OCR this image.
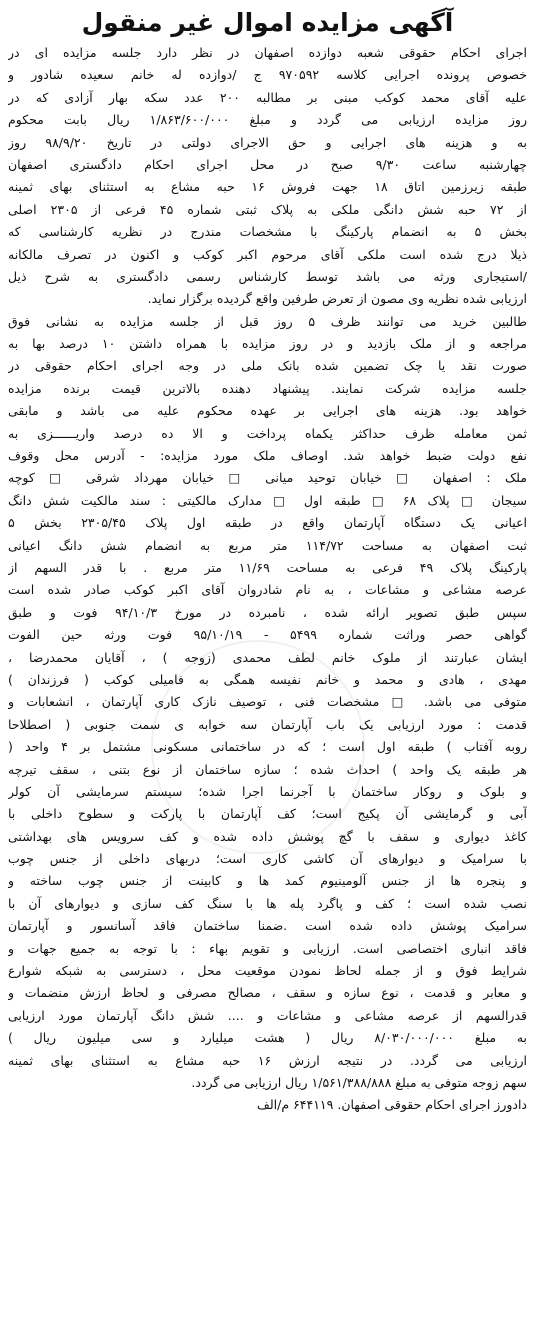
آگهی مزایده اموال غیر منقول
اجرای احکام حقوقی شعبه دوازده اصفهان در نظر دارد جلسه مزایده ای در
خصوص پرونده اجرایی کلاسه ۹۷۰۵۹۲ ج /دوازده له خانم سعیده شادور و
علیه آقای محمد کوکب مبنی بر مطالبه ۲۰۰ عدد سکه بهار آزادی که در
روز مزایده ارزیابی می گردد و مبلغ ۱/۸۶۳/۶۰۰/۰۰۰ ریال بابت محکوم
به و هزینه های اجرایی و حق الاجرای دولتی در تاریخ ۹۸/۹/۲۰ روز
چهارشنبه ساعت ۹/۳۰ صبح در محل اجرای احکام دادگستری اصفهان
طبقه زیرزمین اتاق ۱۸ جهت فروش ۱۶ حبه مشاع به استثنای بهای ثمینه
از ۷۲ حبه شش دانگی ملکی به پلاک ثبتی شماره ۴۵ فرعی از ۲۳۰۵ اصلی
بخش ۵ به انضمام پارکینگ با مشخصات مندرج در نظریه کارشناسی که
ذیلا درج شده است ملکی آقای مرحوم اکبر کوکب و اکنون در تصرف مالکانه
/استیجاری ورثه می باشد توسط کارشناس رسمی دادگستری به شرح ذیل
ارزیابی شده نظریه وی مصون از تعرض طرفین واقع گردیده برگزار نماید.
طالبین خرید می توانند ظرف ۵ روز قبل از جلسه مزایده به نشانی فوق
مراجعه و از ملک بازدید و در روز مزایده با همراه داشتن ۱۰ درصد بها به
صورت نقد یا چک تضمین شده بانک ملی در وجه اجرای احکام حقوقی در
جلسه مزایده شرکت نمایند. پیشنهاد دهنده بالاترین قیمت برنده مزایده
خواهد بود. هزینه های اجرایی بر عهده محکوم علیه می باشد و مابقی
ثمن معامله ظرف حداکثر یکماه پرداخت و الا ده درصد واریــــــزی به
نفع دولت ضبط خواهد شد. اوصاف ملک مورد مزایده: - آدرس محل وقوف
ملک : اصفهان □ خیابان توحید میانی □ خیابان مهرداد شرقی □ کوچه
سیجان □ پلاک ۶۸ □ طبقه اول □ مدارک مالکیتی : سند مالکیت شش دانگ
اعیانی یک دستگاه آپارتمان واقع در طبقه اول پلاک ۲۳۰۵/۴۵ بخش ۵
ثبت اصفهان به مساحت ۱۱۴/۷۲ متر مربع به انضمام شش دانگ اعیانی
پارکینگ پلاک ۴۹ فرعی به مساحت ۱۱/۶۹ متر مربع . با قدر السهم از
عرصه مشاعی و مشاعات ، به نام شادروان آقای اکبر کوکب صادر شده است
سپس طبق تصویر ارائه شده ، نامبرده در مورخ ۹۴/۱۰/۳ فوت و طبق
گواهی حصر وراثت شماره ۵۴۹۹ - ۹۵/۱۰/۱۹ فوت ورثه حین الفوت
ایشان عبارتند از ملوک خانم لطف محمدی (زوجه ) ، آقایان محمدرضا ،
مهدی ، هادی و محمد و خانم نفیسه همگی به فامیلی کوکب ( فرزندان )
متوفی می باشد. □ مشخصات فنی ، توصیف نازک کاری آپارتمان ، انشعابات و
قدمت : مورد ارزیابی یک باب آپارتمان سه خوابه ی سمت جنوبی ( اصطلاحا
روبه آفتاب ) طبقه اول است ؛ که در ساختمانی مسکونی مشتمل بر ۴ واحد (
هر طبقه یک واحد ) احداث شده ؛ سازه ساختمان از نوع بتنی ، سقف تیرچه
و بلوک و روکار ساختمان با آجرنما اجرا شده؛ سیستم سرمایشی آن کولر
آبی و گرمایشی آن پکیج است؛ کف آپارتمان با پارکت و سطوح داخلی با
کاغذ دیواری و سقف با گچ پوشش داده شده و کف سرویس های بهداشتی
با سرامیک و دیوارهای آن کاشی کاری است؛ دربهای داخلی از جنس چوب
و پنجره ها از جنس آلومینیوم کمد ها و کابینت از جنس چوب ساخته و
نصب شده است ؛ کف و پاگرد پله ها با سنگ کف سازی و دیوارهای آن با
سرامیک پوشش داده شده است .ضمنا ساختمان فاقد آسانسور و آپارتمان
فاقد انباری اختصاصی است. ارزیابی و تقویم بهاء : با توجه به جمیع جهات و
شرایط فوق و از جمله لحاظ نمودن موقعیت محل ، دسترسی به شبکه شوارع
و معابر و قدمت ، نوع سازه و سقف ، مصالح مصرفی و لحاظ ارزش منضمات و
قدرالسهم از عرصه مشاعی و مشاعات و .... شش دانگ آپارتمان مورد ارزیابی
به مبلغ ۸/۰۳۰/۰۰۰/۰۰۰ ریال ( هشت میلیارد و سی میلیون ریال )
ارزیابی می گردد. در نتیجه ارزش ۱۶ حبه مشاع به استثنای بهای ثمینه
سهم زوجه متوفی به مبلغ ۱/۵۶۱/۳۸۸/۸۸۸ ریال ارزیابی می گردد.
دادورز اجرای احکام حقوقی اصفهان. ۶۴۴۱۱۹ م/الف
